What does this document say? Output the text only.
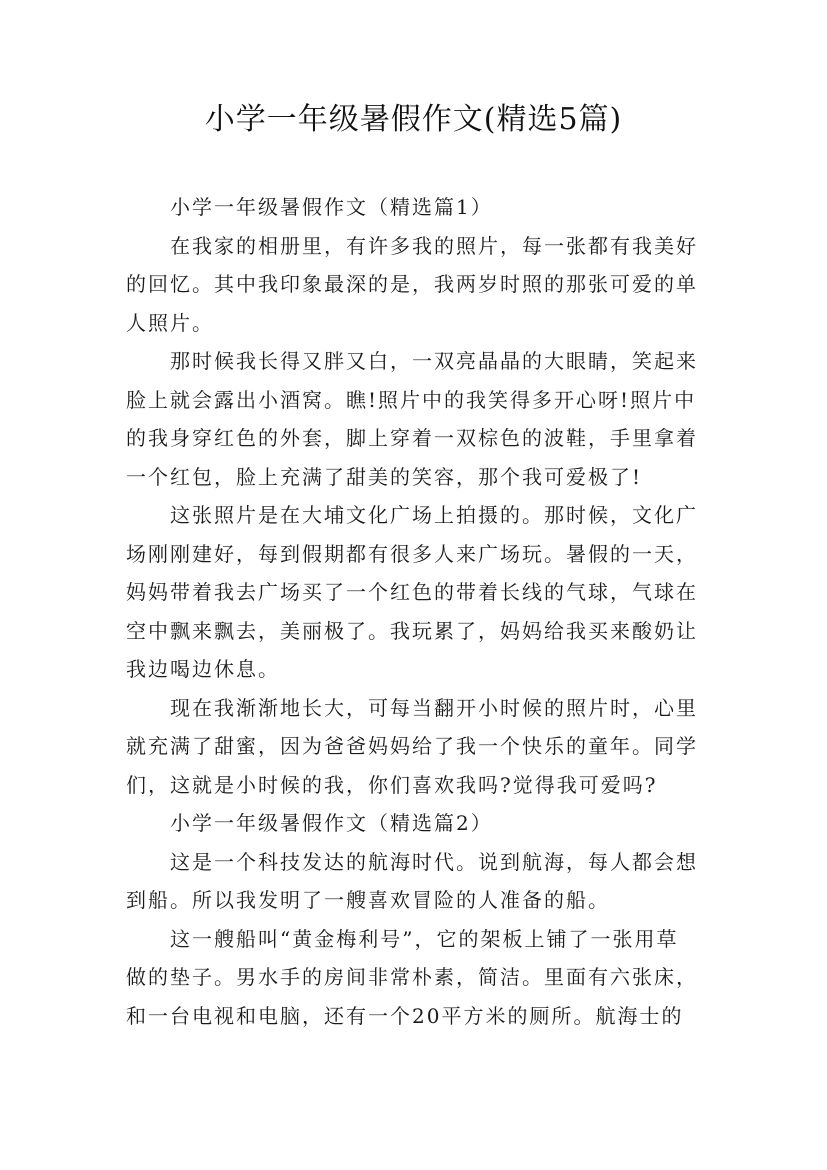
小学一年级暑假作文(精选5篇)
小学一年级暑假作文（精选篇1）
在我家的相册里，有许多我的照片，每一张都有我美好
的回忆。其中我印象最深的是，我两岁时照的那张可爱的单
人照片。
那时候我长得又胖又白，一双亮晶晶的大眼睛，笑起来
脸上就会露出小酒窝。瞧!照片中的我笑得多开心呀!照片中
的我身穿红色的外套，脚上穿着一双棕色的波鞋，手里拿着
一个红包，脸上充满了甜美的笑容，那个我可爱极了!
这张照片是在大埔文化广场上拍摄的。那时候，文化广
场刚刚建好，每到假期都有很多人来广场玩。暑假的一天，
妈妈带着我去广场买了一个红色的带着长线的气球，气球在
空中飘来飘去，美丽极了。我玩累了，妈妈给我买来酸奶让
我边喝边休息。
现在我渐渐地长大，可每当翻开小时候的照片时，心里
就充满了甜蜜，因为爸爸妈妈给了我一个快乐的童年。同学
们，这就是小时候的我，你们喜欢我吗?觉得我可爱吗?
小学一年级暑假作文（精选篇2）
这是一个科技发达的航海时代。说到航海，每人都会想
到船。所以我发明了一艘喜欢冒险的人准备的船。
这一艘船叫“黄金梅利号”，它的架板上铺了一张用草
做的垫子。男水手的房间非常朴素，简洁。里面有六张床，
和一台电视和电脑，还有一个20平方米的厕所。航海士的
